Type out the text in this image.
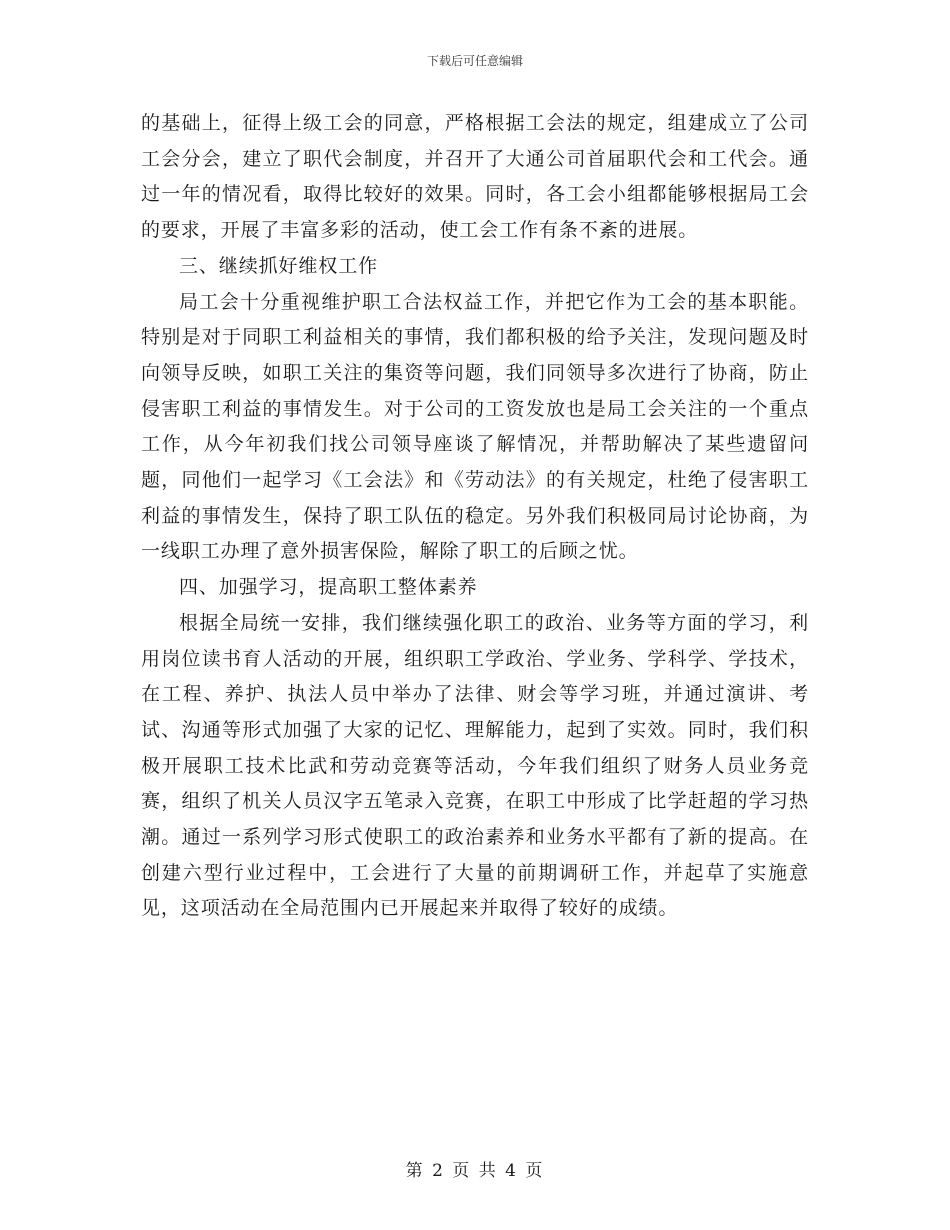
下载后可任意编辑

的基础上，征得上级工会的同意，严格根据工会法的规定，组建成立了公司工会分会，建立了职代会制度，并召开了大通公司首届职代会和工代会。通过一年的情况看，取得比较好的效果。同时，各工会小组都能够根据局工会的要求，开展了丰富多彩的活动，使工会工作有条不紊的进展。

三、继续抓好维权工作

局工会十分重视维护职工合法权益工作，并把它作为工会的基本职能。特别是对于同职工利益相关的事情，我们都积极的给予关注，发现问题及时向领导反映，如职工关注的集资等问题，我们同领导多次进行了协商，防止侵害职工利益的事情发生。对于公司的工资发放也是局工会关注的一个重点工作，从今年初我们找公司领导座谈了解情况，并帮助解决了某些遗留问题，同他们一起学习《工会法》和《劳动法》的有关规定，杜绝了侵害职工利益的事情发生，保持了职工队伍的稳定。另外我们积极同局讨论协商，为一线职工办理了意外损害保险，解除了职工的后顾之忧。

四、加强学习，提高职工整体素养

根据全局统一安排，我们继续强化职工的政治、业务等方面的学习，利用岗位读书育人活动的开展，组织职工学政治、学业务、学科学、学技术，在工程、养护、执法人员中举办了法律、财会等学习班，并通过演讲、考试、沟通等形式加强了大家的记忆、理解能力，起到了实效。同时，我们积极开展职工技术比武和劳动竞赛等活动，今年我们组织了财务人员业务竞赛，组织了机关人员汉字五笔录入竞赛，在职工中形成了比学赶超的学习热潮。通过一系列学习形式使职工的政治素养和业务水平都有了新的提高。在创建六型行业过程中，工会进行了大量的前期调研工作，并起草了实施意见，这项活动在全局范围内已开展起来并取得了较好的成绩。

第 2 页 共 4 页
